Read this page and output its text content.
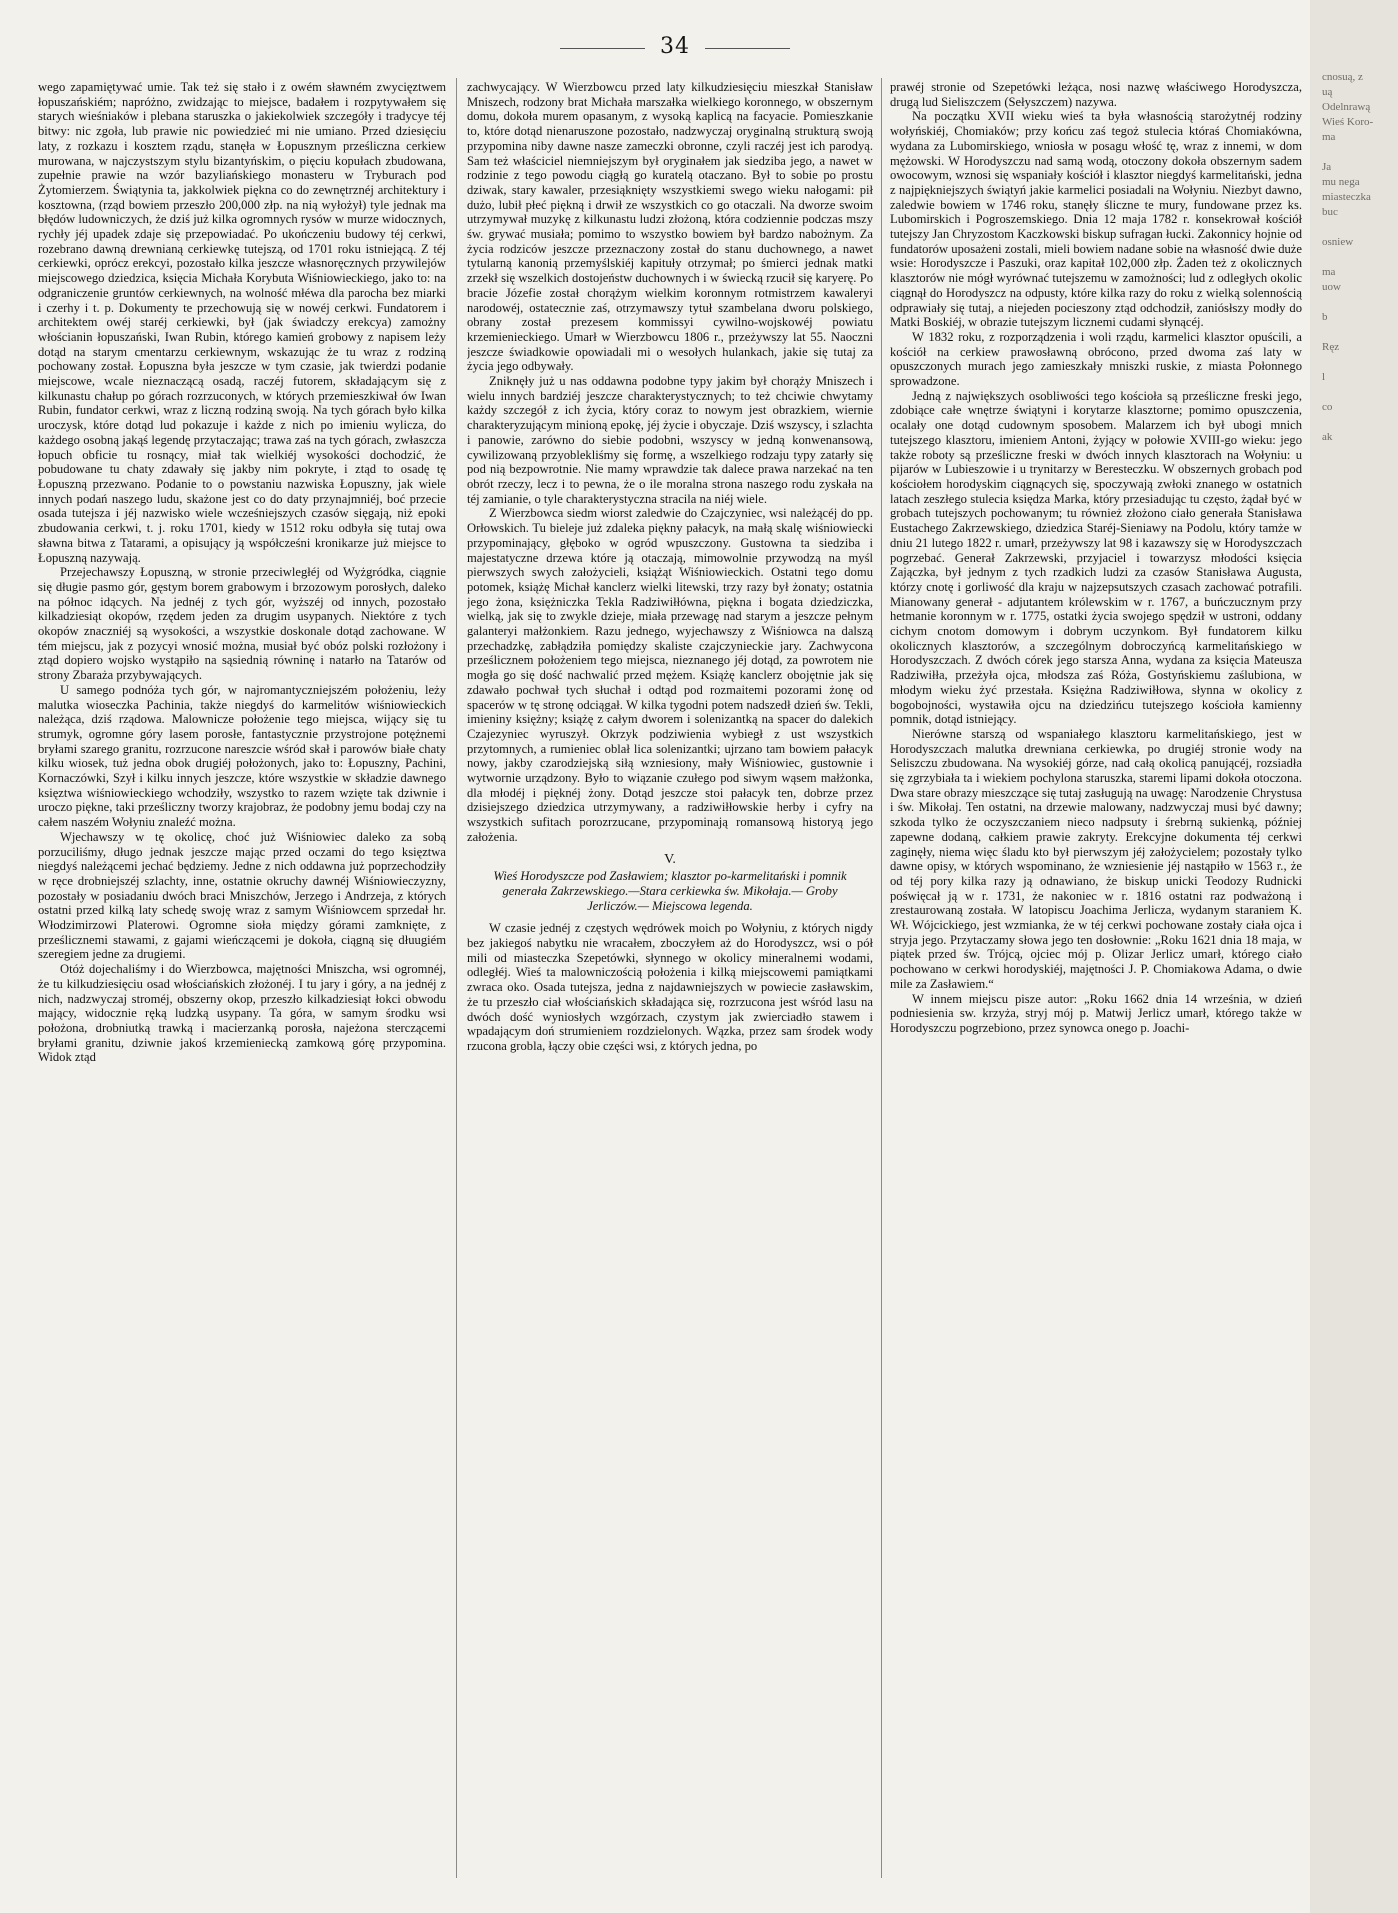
34

wego zapamiętywać umie. Tak też się stało i z owém sławném zwycięztwem łopuszańskiém; napróżno, zwidzając to miejsce, badałem i rozpytywałem się starych wieśniaków i plebana staruszka o jakiekolwiek szczegóły i tradycye téj bitwy: nic zgoła, lub prawie nic powiedzieć mi nie umiano. Przed dziesięciu laty, z rozkazu i kosztem rządu, stanęła w Łopusznym prześliczna cerkiew murowana, w najczystszym stylu bizantyńskim, o pięciu kopułach zbudowana, zupełnie prawie na wzór bazyliańskiego monasteru w Tryburach pod Żytomierzem. Świątynia ta, jakkolwiek piękna co do zewnętrznéj architektury i kosztowna, (rząd bowiem przeszło 200,000 złp. na nią wyłożył) tyle jednak ma błędów ludowniczych, że dziś już kilka ogromnych rysów w murze widocznych, rychły jéj upadek zdaje się przepowiadać. Po ukończeniu budowy téj cerkwi, rozebrano dawną drewnianą cerkiewkę tutejszą, od 1701 roku istniejącą. Z téj cerkiewki, oprócz erekcyi, pozostało kilka jeszcze własnoręcznych przywilejów miejscowego dziedzica, księcia Michała Korybuta Wiśniowieckiego, jako to: na odgraniczenie gruntów cerkiewnych, na wolność młéwa dla parocha bez miarki i czerhy i t. p. Dokumenty te przechowują się w nowéj cerkwi. Fundatorem i architektem owéj staréj cerkiewki, był (jak świadczy erekcya) zamożny włościanin łopuszański, Iwan Rubin, którego kamień grobowy z napisem leży dotąd na starym cmentarzu cerkiewnym, wskazując że tu wraz z rodziną pochowany został. Łopuszna była jeszcze w tym czasie, jak twierdzi podanie miejscowe, wcale nieznaczącą osadą, raczéj futorem, składającym się z kilkunastu chałup po górach rozrzuconych, w których przemieszkiwał ów Iwan Rubin, fundator cerkwi, wraz z liczną rodziną swoją. Na tych górach było kilka uroczysk, które dotąd lud pokazuje i każde z nich po imieniu wylicza, do każdego osobną jakąś legendę przytaczając; trawa zaś na tych górach, zwłaszcza łopuch obficie tu rosnący, miał tak wielkiéj wysokości dochodzić, że pobudowane tu chaty zdawały się jakby nim pokryte, i ztąd to osadę tę Łopuszną przezwano. Podanie to o powstaniu nazwiska Łopuszny, jak wiele innych podań naszego ludu, skażone jest co do daty przynajmniéj, boć przecie osada tutejsza i jéj nazwisko wiele wcześniejszych czasów sięgają, niż epoki zbudowania cerkwi, t. j. roku 1701, kiedy w 1512 roku odbyła się tutaj owa sławna bitwa z Tatarami, a opisujący ją współcześni kronikarze już miejsce to Łopuszną nazywają.

Przejechawszy Łopuszną, w stronie przeciwległéj od Wyżgródka, ciągnie się długie pasmo gór, gęstym borem grabowym i brzozowym porosłych, daleko na północ idących. Na jednéj z tych gór, wyższéj od innych, pozostało kilkadziesiąt okopów, rzędem jeden za drugim usypanych. Niektóre z tych okopów znaczniéj są wysokości, a wszystkie doskonale dotąd zachowane. W tém miejscu, jak z pozycyi wnosić można, musiał być obóz polski rozłożony i ztąd dopiero wojsko wystąpiło na sąsiednią równinę i natarło na Tatarów od strony Zbaraża przybywających.

U samego podnóża tych gór, w najromantyczniejszém położeniu, leży malutka wioseczka Pachinia, także niegdyś do karmelitów wiśniowieckich należąca, dziś rządowa. Malownicze położenie tego miejsca, wijący się tu strumyk, ogromne góry lasem porosłe, fantastycznie przystrojone potężnemi bryłami szarego granitu, rozrzucone nareszcie wśród skał i parowów białe chaty kilku wiosek, tuż jedna obok drugiéj położonych, jako to: Łopuszny, Pachini, Kornaczówki, Szył i kilku innych jeszcze, które wszystkie w składzie dawnego księztwa wiśniowieckiego wchodziły, wszystko to razem wzięte tak dziwnie i uroczo piękne, taki prześliczny tworzy krajobraz, że podobny jemu bodaj czy na całem naszém Wołyniu znaleźć można.

Wjechawszy w tę okolicę, choć już Wiśniowiec daleko za sobą porzuciliśmy, długo jednak jeszcze mając przed oczami do tego księztwa niegdyś należącemi jechać będziemy. Jedne z nich oddawna już poprzechodziły w ręce drobniejszéj szlachty, inne, ostatnie okruchy dawnéj Wiśniowieczyzny, pozostały w posiadaniu dwóch braci Mniszchów, Jerzego i Andrzeja, z których ostatni przed kilką laty schedę swoję wraz z samym Wiśniowcem sprzedał hr. Włodzimirzowi Platerowi. Ogromne sioła między górami zamknięte, z prześlicznemi stawami, z gajami wieńczącemi je dokoła, ciągną się dłuugiém szeregiem jedne za drugiemi.

Otóż dojechaliśmy i do Wierzbowca, majętności Mniszcha, wsi ogromnéj, że tu kilkudziesięciu osad włościańskich złożonéj. I tu jary i góry, a na jednéj z nich, nadzwyczaj stroméj, obszerny okop, przeszło kilkadziesiąt łokci obwodu mający, widocznie ręką ludzką usypany. Ta góra, w samym środku wsi położona, drobniutką trawką i macierzanką porosła, najeżona sterczącemi bryłami granitu, dziwnie jakoś krzemieniecką zamkową górę przypomina. Widok ztąd

zachwycający. W Wierzbowcu przed laty kilkudziesięciu mieszkał Stanisław Mniszech, rodzony brat Michała marszałka wielkiego koronnego, w obszernym domu, dokoła murem opasanym, z wysoką kaplicą na facyacie. Pomieszkanie to, które dotąd nienaruszone pozostało, nadzwyczaj oryginalną strukturą swoją przypomina niby dawne nasze zameczki obronne, czyli raczéj jest ich parodyą. Sam też właściciel niemniejszym był oryginałem jak siedziba jego, a nawet w rodzinie z tego powodu ciągłą go kuratelą otaczano. Był to sobie po prostu dziwak, stary kawaler, przesiąknięty wszystkiemi swego wieku nałogami: pił dużo, lubił płeć piękną i drwił ze wszystkich co go otaczali. Na dworze swoim utrzymywał muzykę z kilkunastu ludzi złożoną, która codziennie podczas mszy św. grywać musiała; pomimo to wszystko bowiem był bardzo nabożnym. Za życia rodziców jeszcze przeznaczony został do stanu duchownego, a nawet tytularną kanonią przemyślskiéj kapituły otrzymał; po śmierci jednak matki zrzekł się wszelkich dostojeństw duchownych i w świecką rzucił się karyerę. Po bracie Józefie został chorążym wielkim koronnym rotmistrzem kawaleryi narodowéj, ostatecznie zaś, otrzymawszy tytuł szambelana dworu polskiego, obrany został prezesem kommissyi cywilno-wojskowéj powiatu krzemienieckiego. Umarł w Wierzbowcu 1806 r., przeżywszy lat 55. Naoczni jeszcze świadkowie opowiadali mi o wesołych hulankach, jakie się tutaj za życia jego odbywały.

Zniknęły już u nas oddawna podobne typy jakim był chorąży Mniszech i wielu innych bardziéj jeszcze charakterystycznych; to też chciwie chwytamy każdy szczegół z ich życia, który coraz to nowym jest obrazkiem, wiernie charakteryzującym minioną epokę, jéj życie i obyczaje. Dziś wszyscy, i szlachta i panowie, zarówno do siebie podobni, wszyscy w jedną konwenansową, cywilizowaną przyoblekliśmy się formę, a wszelkiego rodzaju typy zatarły się pod nią bezpowrotnie. Nie mamy wprawdzie tak dalece prawa narzekać na ten obrót rzeczy, lecz i to pewna, że o ile moralna strona naszego rodu zyskała na téj zamianie, o tyle charakterystyczna stracila na niéj wiele.

Z Wierzbowca siedm wiorst zaledwie do Czajczyniec, wsi należącéj do pp. Orłowskich. Tu bieleje już zdaleka piękny pałacyk, na małą skalę wiśniowiecki przypominający, głęboko w ogród wpuszczony. Gustowna ta siedziba i majestatyczne drzewa które ją otaczają, mimowolnie przywodzą na myśl pierwszych swych założycieli, książąt Wiśniowieckich. Ostatni tego domu potomek, książę Michał kanclerz wielki litewski, trzy razy był żonaty; ostatnia jego żona, księżniczka Tekla Radziwiłłówna, piękna i bogata dziedziczka, wielką, jak się to zwykle dzieje, miała przewagę nad starym a jeszcze pełnym galanteryi małżonkiem. Razu jednego, wyjechawszy z Wiśniowca na dalszą przechadzkę, zabłądziła pomiędzy skaliste czajczynieckie jary. Zachwycona prześlicznem położeniem tego miejsca, nieznanego jéj dotąd, za powrotem nie mogła go się dość nachwalić przed mężem. Książę kanclerz obojętnie jak się zdawało pochwał tych słuchał i odtąd pod rozmaitemi pozorami żonę od spacerów w tę stronę odciągał. W kilka tygodni potem nadszedł dzień św. Tekli, imieniny księżny; książę z całym dworem i solenizantką na spacer do dalekich Czajezyniec wyruszył. Okrzyk podziwienia wybiegł z ust wszystkich przytomnych, a rumieniec oblał lica solenizantki; ujrzano tam bowiem pałacyk nowy, jakby czarodziejską siłą wzniesiony, mały Wiśniowiec, gustownie i wytwornie urządzony. Było to wiązanie czułego pod siwym wąsem małżonka, dla młodéj i pięknéj żony. Dotąd jeszcze stoi pałacyk ten, dobrze przez dzisiejszego dziedzica utrzymywany, a radziwiłłowskie herby i cyfry na wszystkich sufitach porozrzucane, przypominają romansową historyą jego założenia.

V.
Wieś Horodyszcze pod Zasławiem; klasztor po-karmelitański i pomnik generała Zakrzewskiego.—Stara cerkiewka św. Mikołaja.— Groby Jerliczów.— Miejscowa legenda.

W czasie jednéj z częstych wędrówek moich po Wołyniu, z których nigdy bez jakiegoś nabytku nie wracałem, zboczyłem aż do Horodyszcz, wsi o pół mili od miasteczka Szepetówki, słynnego w okolicy mineralnemi wodami, odległéj. Wieś ta malowniczością położenia i kilką miejscowemi pamiątkami zwraca oko. Osada tutejsza, jedna z najdawniejszych w powiecie zasławskim, że tu przeszło ciał włościańskich składająca się, rozrzucona jest wśród lasu na dwóch dość wyniosłych wzgórzach, czystym jak zwierciadło stawem i wpadającym doń strumieniem rozdzielonych. Wązka, przez sam środek wody rzucona grobla, łączy obie części wsi, z których jedna, po

prawéj stronie od Szepetówki leżąca, nosi nazwę właściwego Horodyszcza, drugą lud Sieliszczem (Sełyszczem) nazywa.

Na początku XVII wieku wieś ta była własnością starożytnéj rodziny wołyńskiéj, Chomiaków; przy końcu zaś tegoż stulecia któraś Chomiakówna, wydana za Lubomirskiego, wniosła w posagu włość tę, wraz z innemi, w dom mężowski. W Horodyszczu nad samą wodą, otoczony dokoła obszernym sadem owocowym, wznosi się wspaniały kościół i klasztor niegdyś karmelitański, jedna z najpiękniejszych świątyń jakie karmelici posiadali na Wołyniu. Niezbyt dawno, zaledwie bowiem w 1746 roku, stanęły śliczne te mury, fundowane przez ks. Lubomirskich i Pogroszemskiego. Dnia 12 maja 1782 r. konsekrował kościół tutejszy Jan Chryzostom Kaczkowski biskup sufragan łucki. Zakonnicy hojnie od fundatorów uposażeni zostali, mieli bowiem nadane sobie na własność dwie duże wsie: Horodyszcze i Paszuki, oraz kapitał 102,000 złp. Żaden też z okolicznych klasztorów nie mógł wyrównać tutejszemu w zamożności; lud z odległych okolic ciągnął do Horodyszcz na odpusty, które kilka razy do roku z wielką solennością odprawiały się tutaj, a niejeden pocieszony ztąd odchodził, zaniósłszy modły do Matki Boskiéj, w obrazie tutejszym licznemi cudami słynącéj.

W 1832 roku, z rozporządzenia i woli rządu, karmelici klasztor opuścili, a kościół na cerkiew prawosławną obrócono, przed dwoma zaś laty w opuszczonych murach jego zamieszkały mniszki ruskie, z miasta Połonnego sprowadzone.

Jedną z największych osobliwości tego kościoła są prześliczne freski jego, zdobiące całe wnętrze świątyni i korytarze klasztorne; pomimo opuszczenia, ocalały one dotąd cudownym sposobem. Malarzem ich był ubogi mnich tutejszego klasztoru, imieniem Antoni, żyjący w połowie XVIII-go wieku: jego także roboty są prześliczne freski w dwóch innych klasztorach na Wołyniu: u pijarów w Lubieszowie i u trynitarzy w Beresteczku. W obszernych grobach pod kościołem horodyskim ciągnących się, spoczywają zwłoki znanego w ostatnich latach zeszłego stulecia księdza Marka, który przesiadując tu często, żądał być w grobach tutejszych pochowanym; tu również złożono ciało generała Stanisława Eustachego Zakrzewskiego, dziedzica Staréj-Sieniawy na Podolu, który tamże w dniu 21 lutego 1822 r. umarł, przeżywszy lat 98 i kazawszy się w Horodyszczach pogrzebać. Generał Zakrzewski, przyjaciel i towarzysz młodości księcia Zajączka, był jednym z tych rzadkich ludzi za czasów Stanisława Augusta, którzy cnotę i gorliwość dla kraju w najzepsutszych czasach zachować potrafili. Mianowany generał - adjutantem królewskim w r. 1767, a buńczucznym przy hetmanie koronnym w r. 1775, ostatki życia swojego spędził w ustroni, oddany cichym cnotom domowym i dobrym uczynkom. Był fundatorem kilku okolicznych klasztorów, a szczególnym dobroczyńcą karmelitańskiego w Horodyszczach. Z dwóch córek jego starsza Anna, wydana za księcia Mateusza Radziwiłła, przeżyła ojca, młodsza zaś Róża, Gostyńskiemu zaślubiona, w młodym wieku żyć przestała. Księżna Radziwiłłowa, słynna w okolicy z bogobojności, wystawiła ojcu na dziedzińcu tutejszego kościoła kamienny pomnik, dotąd istniejący.

Nierówne starszą od wspaniałego klasztoru karmelitańskiego, jest w Horodyszczach malutka drewniana cerkiewka, po drugiéj stronie wody na Seliszczu zbudowana. Na wysokiéj górze, nad całą okolicą panującéj, rozsiadła się zgrzybiała ta i wiekiem pochylona staruszka, staremi lipami dokoła otoczona. Dwa stare obrazy mieszczące się tutaj zasługują na uwagę: Narodzenie Chrystusa i św. Mikołaj. Ten ostatni, na drzewie malowany, nadzwyczaj musi być dawny; szkoda tylko że oczyszczaniem nieco nadpsuty i śrebrną sukienką, później zapewne dodaną, całkiem prawie zakryty. Erekcyjne dokumenta téj cerkwi zaginęły, niema więc śladu kto był pierwszym jéj założycielem; pozostały tylko dawne opisy, w których wspominano, że wzniesienie jéj nastąpiło w 1563 r., że od téj pory kilka razy ją odnawiano, że biskup unicki Teodozy Rudnicki poświęcał ją w r. 1731, że nakoniec w r. 1816 ostatni raz podważoną i zrestaurowaną została. W latopiscu Joachima Jerlicza, wydanym staraniem K. Wł. Wójcickiego, jest wzmianka, że w téj cerkwi pochowane zostały ciała ojca i stryja jego. Przytaczamy słowa jego ten dosłownie: „Roku 1621 dnia 18 maja, w piątek przed św. Trójcą, ojciec mój p. Olizar Jerlicz umarł, którego ciało pochowano w cerkwi horodyskiéj, majętności J. P. Chomiakowa Adama, o dwie mile za Zasławiem.“

W innem miejscu pisze autor: „Roku 1662 dnia 14 września, w dzień podniesienia sw. krzyża, stryj mój p. Matwij Jerlicz umarł, którego także w Horodyszczu pogrzebiono, przez synowca onego p. Joachi-

cnosuą, z
uą
Odelnrawą
Wieś Koro-
ma

Ja
mu nega
miasteczka
buc

osniew

ma
uow

b

Ręz

l

co

ak
